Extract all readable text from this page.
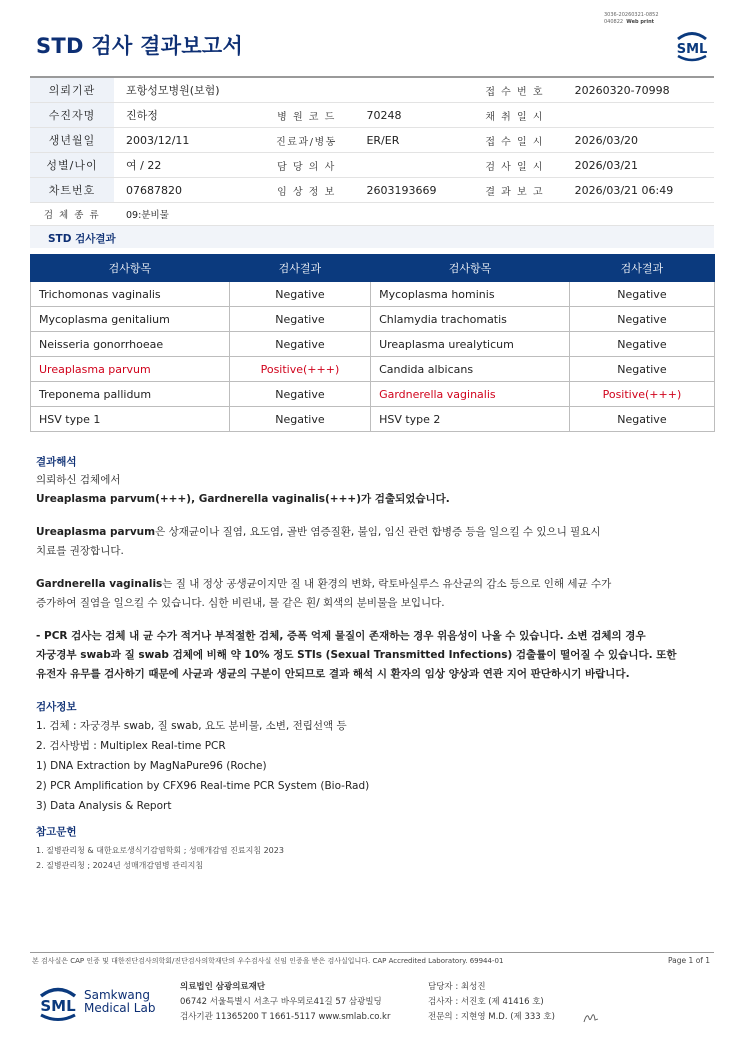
3036-20260321-0852
040822 Web print
STD 검사 결과보고서	SML
의뢰기관	포항성모병원(보험)			접 수 번 호	20260320-70998
수진자명	진하정	병 원 코 드	70248	채 취 일 시	
생년월일	2003/12/11	진료과/병동	ER/ER	접 수 일 시	2026/03/20
성별/나이	여 / 22	담 당 의 사		검 사 일 시	2026/03/21
차트번호	07687820	임 상 정 보	2603193669	결 과 보 고	2026/03/21 06:49
검 체 종 류	09:분비물				
STD 검사결과
검사항목	검사결과	검사항목	검사결과
Trichomonas vaginalis	Negative	Mycoplasma hominis	Negative
Mycoplasma genitalium	Negative	Chlamydia trachomatis	Negative
Neisseria gonorrhoeae	Negative	Ureaplasma urealyticum	Negative
Ureaplasma parvum	Positive(+++)	Candida albicans	Negative
Treponema pallidum	Negative	Gardnerella vaginalis	Positive(+++)
HSV type 1	Negative	HSV type 2	Negative
결과해석
의뢰하신 검체에서
Ureaplasma parvum(+++), Gardnerella vaginalis(+++)가 검출되었습니다.
Ureaplasma parvum은 상재균이나 질염, 요도염, 골반 염증질환, 불임, 임신 관련 합병증 등을 일으킬 수 있으니 필요시
치료를 권장합니다.
Gardnerella vaginalis는 질 내 정상 공생균이지만 질 내 환경의 변화, 락토바실루스 유산균의 감소 등으로 인해 세균 수가
증가하여 질염을 일으킬 수 있습니다. 심한 비린내, 물 같은 흰/ 회색의 분비물을 보입니다.
- PCR 검사는 검체 내 균 수가 적거나 부적절한 검체, 증폭 억제 물질이 존재하는 경우 위음성이 나올 수 있습니다. 소변 검체의 경우
자궁경부 swab과 질 swab 검체에 비해 약 10% 정도 STIs (Sexual Transmitted Infections) 검출률이 떨어질 수 있습니다. 또한
유전자 유무를 검사하기 때문에 사균과 생균의 구분이 안되므로 결과 해석 시 환자의 임상 양상과 연관 지어 판단하시기 바랍니다.
검사정보
1. 검체 : 자궁경부 swab, 질 swab, 요도 분비물, 소변, 전립선액 등
2. 검사방법 : Multiplex Real-time PCR
1) DNA Extraction by MagNaPure96 (Roche)
2) PCR Amplification by CFX96 Real-time PCR System (Bio-Rad)
3) Data Analysis & Report
참고문헌
1. 질병관리청 & 대한요로생식기감염학회 ; 성매개감염 진료지침 2023
2. 질병관리청 ; 2024년 성매개감염병 관리지침
본 검사실은 CAP 인증 및 대한진단검사의학회/진단검사의학재단의 우수검사실 신임 인증을 받은 검사실입니다. CAP Accredited Laboratory. 69944-01	Page 1 of 1
SML
Samkwang
Medical Lab
의료법인 삼광의료재단
06742 서울특별시 서초구 바우뫼로41길 57 삼광빌딩
검사기관 11365200 T 1661-5117 www.smlab.co.kr
담당자 : 최성진
검사자 : 서진호 (제 41416 호)
전문의 : 지현영 M.D. (제 333 호)
